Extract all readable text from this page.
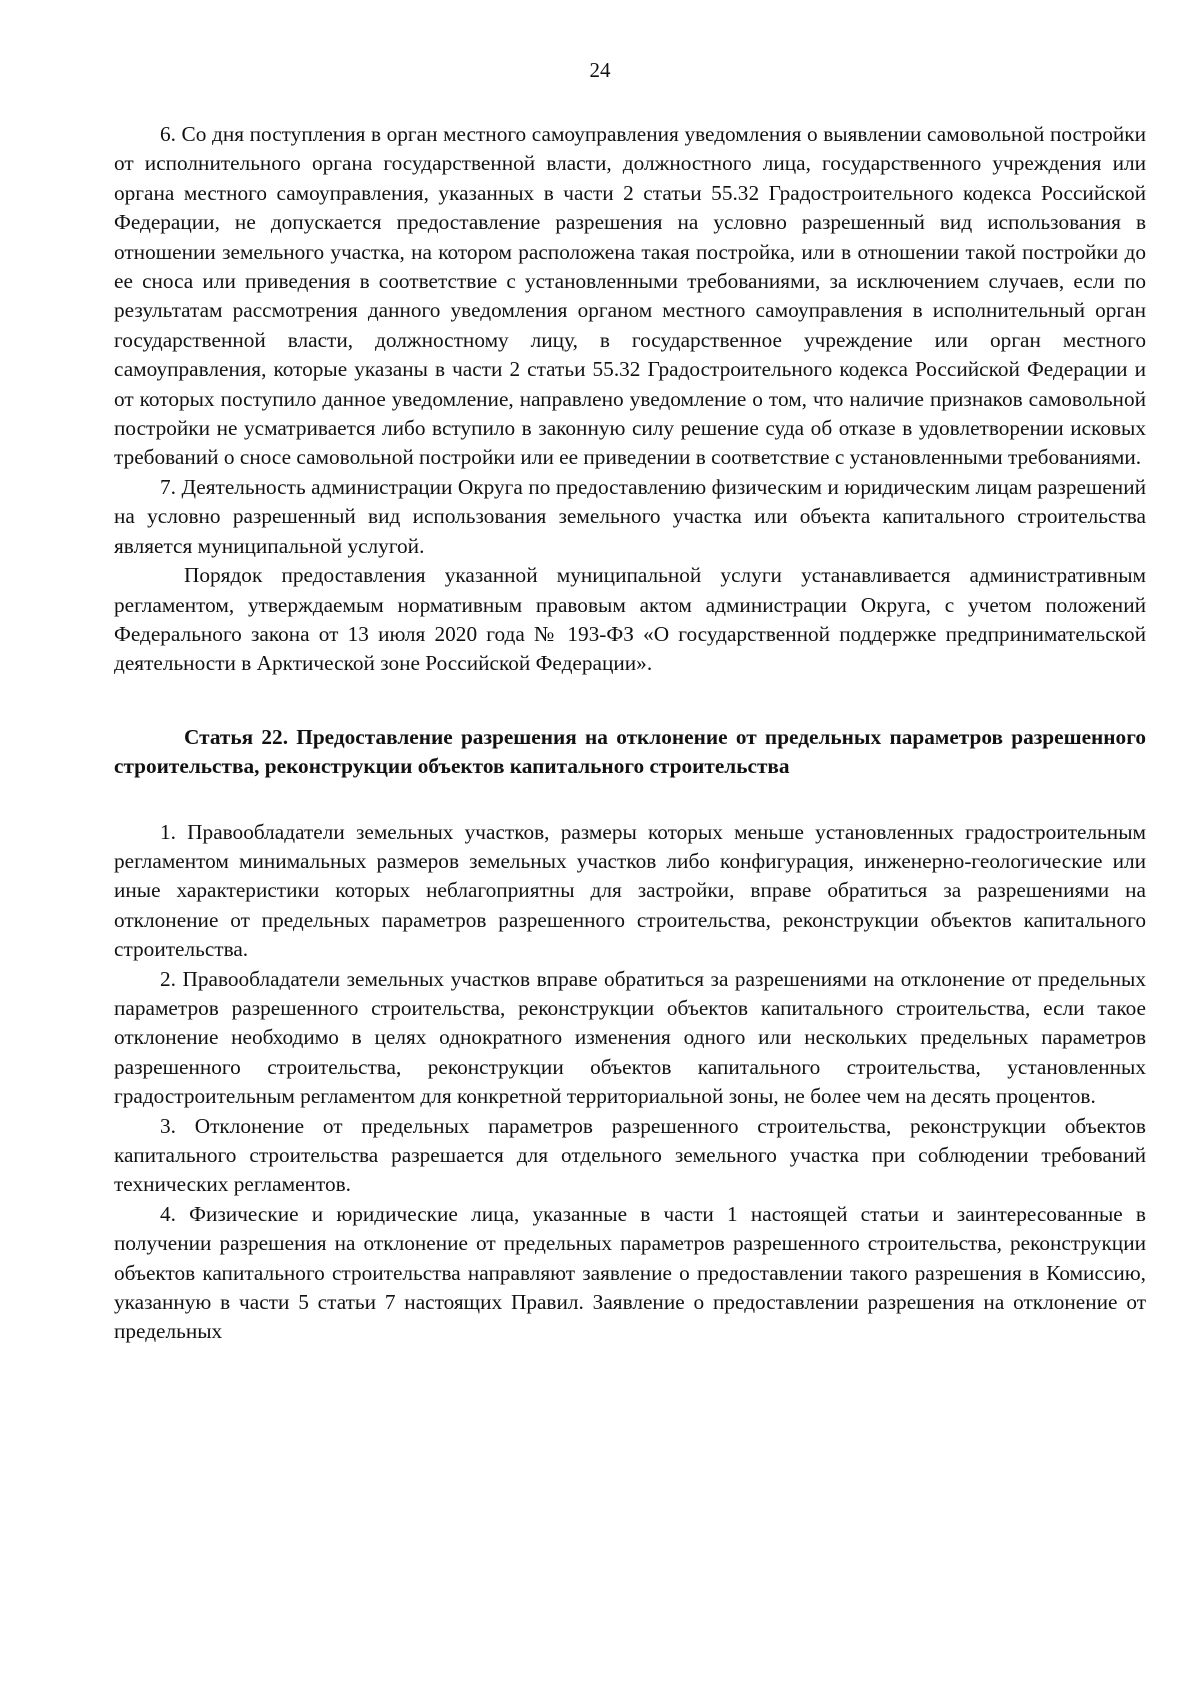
24

6. Со дня поступления в орган местного самоуправления уведомления о выявлении самовольной постройки от исполнительного органа государственной власти, должностного лица, государственного учреждения или органа местного самоуправления, указанных в части 2 статьи 55.32 Градостроительного кодекса Российской Федерации, не допускается предоставление разрешения на условно разрешенный вид использования в отношении земельного участка, на котором расположена такая постройка, или в отношении такой постройки до ее сноса или приведения в соответствие с установленными требованиями, за исключением случаев, если по результатам рассмотрения данного уведомления органом местного самоуправления в исполнительный орган государственной власти, должностному лицу, в государственное учреждение или орган местного самоуправления, которые указаны в части 2 статьи 55.32 Градостроительного кодекса Российской Федерации и от которых поступило данное уведомление, направлено уведомление о том, что наличие признаков самовольной постройки не усматривается либо вступило в законную силу решение суда об отказе в удовлетворении исковых требований о сносе самовольной постройки или ее приведении в соответствие с установленными требованиями.

7. Деятельность администрации Округа по предоставлению физическим и юридическим лицам разрешений на условно разрешенный вид использования земельного участка или объекта капитального строительства является муниципальной услугой.

Порядок предоставления указанной муниципальной услуги устанавливается административным регламентом, утверждаемым нормативным правовым актом администрации Округа, с учетом положений Федерального закона от 13 июля 2020 года № 193-ФЗ «О государственной поддержке предпринимательской деятельности в Арктической зоне Российской Федерации».

Статья 22. Предоставление разрешения на отклонение от предельных параметров разрешенного строительства, реконструкции объектов капитального строительства

1. Правообладатели земельных участков, размеры которых меньше установленных градостроительным регламентом минимальных размеров земельных участков либо конфигурация, инженерно-геологические или иные характеристики которых неблагоприятны для застройки, вправе обратиться за разрешениями на отклонение от предельных параметров разрешенного строительства, реконструкции объектов капитального строительства.

2. Правообладатели земельных участков вправе обратиться за разрешениями на отклонение от предельных параметров разрешенного строительства, реконструкции объектов капитального строительства, если такое отклонение необходимо в целях однократного изменения одного или нескольких предельных параметров разрешенного строительства, реконструкции объектов капитального строительства, установленных градостроительным регламентом для конкретной территориальной зоны, не более чем на десять процентов.

3. Отклонение от предельных параметров разрешенного строительства, реконструкции объектов капитального строительства разрешается для отдельного земельного участка при соблюдении требований технических регламентов.

4. Физические и юридические лица, указанные в части 1 настоящей статьи и заинтересованные в получении разрешения на отклонение от предельных параметров разрешенного строительства, реконструкции объектов капитального строительства направляют заявление о предоставлении такого разрешения в Комиссию, указанную в части 5 статьи 7 настоящих Правил. Заявление о предоставлении разрешения на отклонение от предельных
